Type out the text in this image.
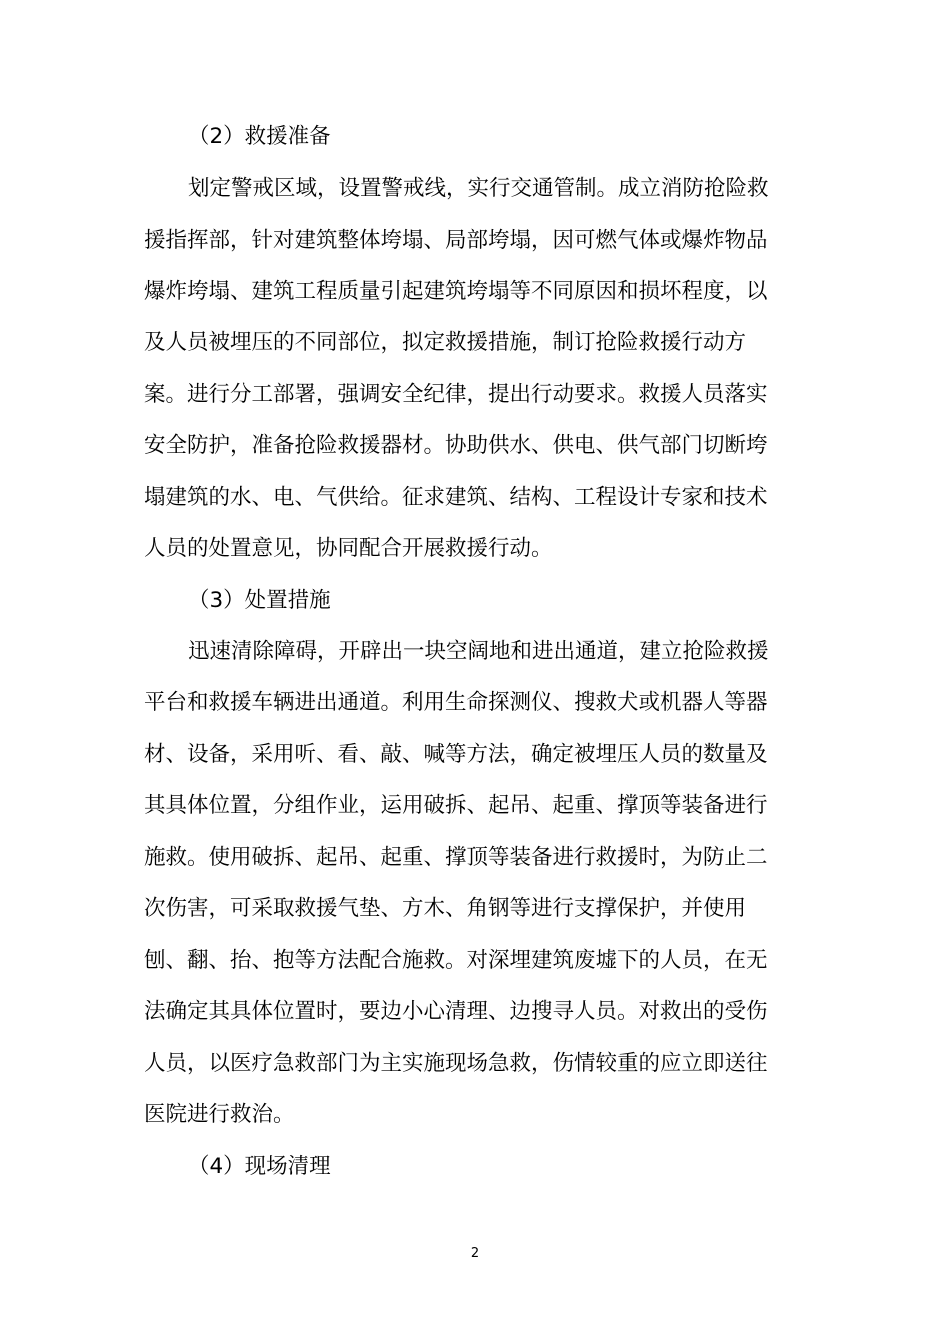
（2）救援准备
划定警戒区域，设置警戒线，实行交通管制。成立消防抢险救
援指挥部，针对建筑整体垮塌、局部垮塌，因可燃气体或爆炸物品
爆炸垮塌、建筑工程质量引起建筑垮塌等不同原因和损坏程度，以
及人员被埋压的不同部位，拟定救援措施，制订抢险救援行动方
案。进行分工部署，强调安全纪律，提出行动要求。救援人员落实
安全防护，准备抢险救援器材。协助供水、供电、供气部门切断垮
塌建筑的水、电、气供给。征求建筑、结构、工程设计专家和技术
人员的处置意见，协同配合开展救援行动。
（3）处置措施
迅速清除障碍，开辟出一块空阔地和进出通道，建立抢险救援
平台和救援车辆进出通道。利用生命探测仪、搜救犬或机器人等器
材、设备，采用听、看、敲、喊等方法，确定被埋压人员的数量及
其具体位置，分组作业，运用破拆、起吊、起重、撑顶等装备进行
施救。使用破拆、起吊、起重、撑顶等装备进行救援时，为防止二
次伤害，可采取救援气垫、方木、角钢等进行支撑保护，并使用
刨、翻、抬、抱等方法配合施救。对深埋建筑废墟下的人员，在无
法确定其具体位置时，要边小心清理、边搜寻人员。对救出的受伤
人员，以医疗急救部门为主实施现场急救，伤情较重的应立即送往
医院进行救治。
（4）现场清理
2
